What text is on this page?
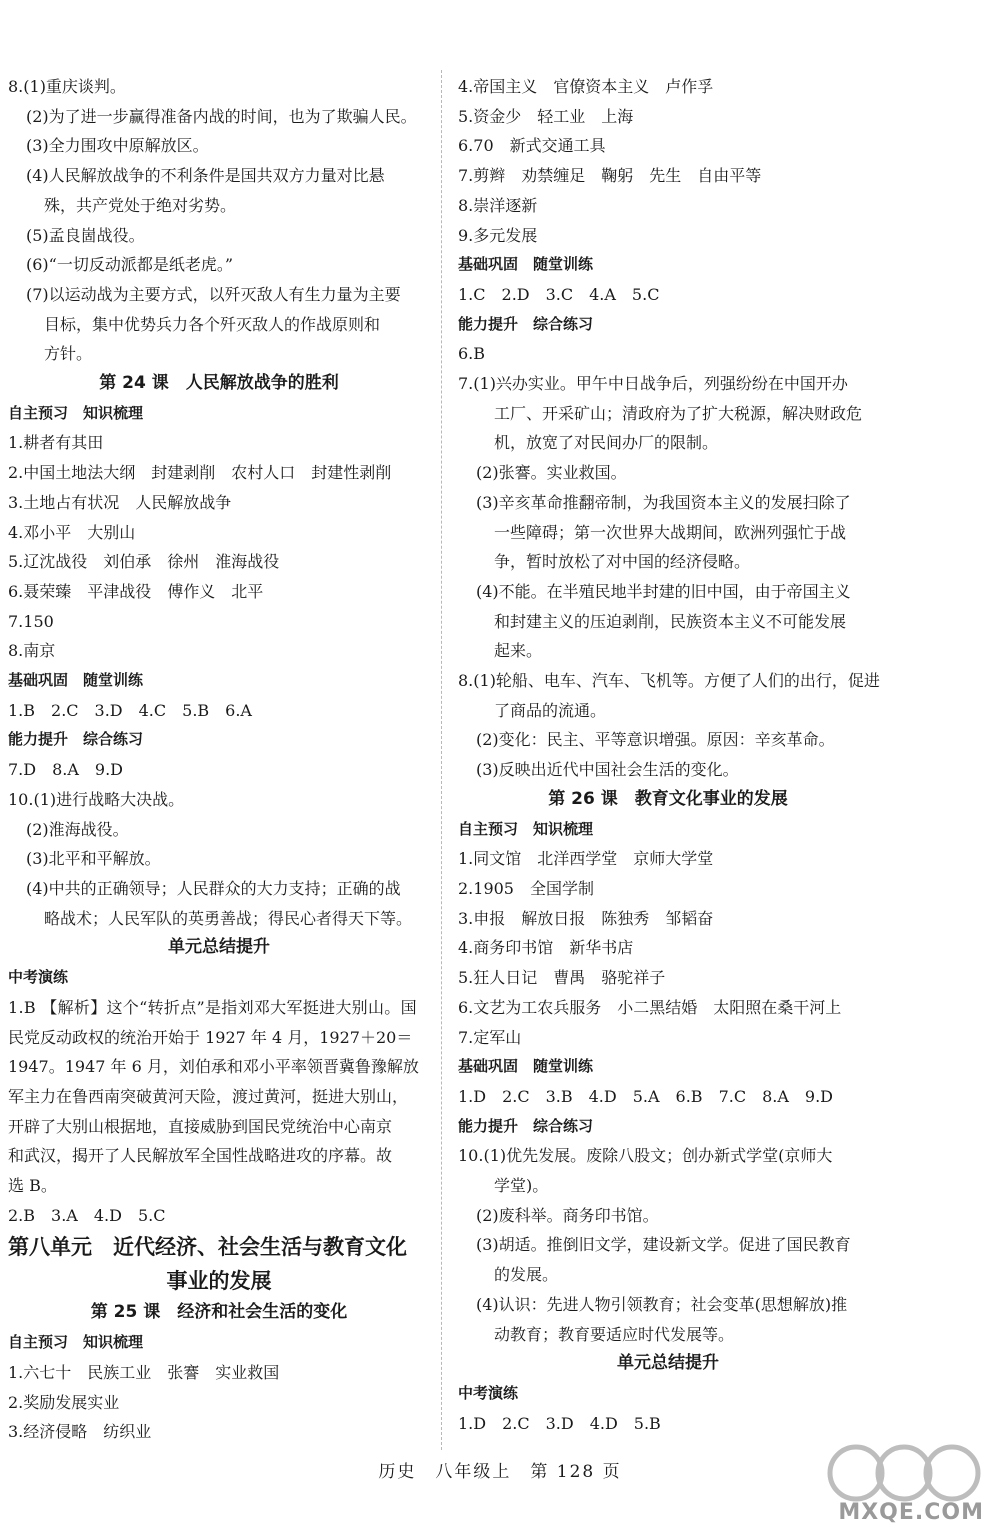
8.(1)重庆谈判。
(2)为了进一步赢得准备内战的时间，也为了欺骗人民。
(3)全力围攻中原解放区。
(4)人民解放战争的不利条件是国共双方力量对比悬
殊，共产党处于绝对劣势。
(5)孟良崮战役。
(6)“一切反动派都是纸老虎。”
(7)以运动战为主要方式，以歼灭敌人有生力量为主要
目标，集中优势兵力各个歼灭敌人的作战原则和
方针。
第 24 课　人民解放战争的胜利
自主预习　知识梳理
1.耕者有其田
2.中国土地法大纲　封建剥削　农村人口　封建性剥削
3.土地占有状况　人民解放战争
4.邓小平　大别山
5.辽沈战役　刘伯承　徐州　淮海战役
6.聂荣臻　平津战役　傅作义　北平
7.150
8.南京
基础巩固　随堂训练
1.B　2.C　3.D　4.C　5.B　6.A
能力提升　综合练习
7.D　8.A　9.D
10.(1)进行战略大决战。
(2)淮海战役。
(3)北平和平解放。
(4)中共的正确领导；人民群众的大力支持；正确的战
略战术；人民军队的英勇善战；得民心者得天下等。
单元总结提升
中考演练
1.B 【解析】这个“转折点”是指刘邓大军挺进大别山。国
民党反动政权的统治开始于 1927 年 4 月，1927＋20＝
1947。1947 年 6 月，刘伯承和邓小平率领晋冀鲁豫解放
军主力在鲁西南突破黄河天险，渡过黄河，挺进大别山，
开辟了大别山根据地，直接威胁到国民党统治中心南京
和武汉，揭开了人民解放军全国性战略进攻的序幕。故
选 B。
2.B　3.A　4.D　5.C
第八单元　近代经济、社会生活与教育文化
事业的发展
第 25 课　经济和社会生活的变化
自主预习　知识梳理
1.六七十　民族工业　张謇　实业救国
2.奖励发展实业
3.经济侵略　纺织业
4.帝国主义　官僚资本主义　卢作孚
5.资金少　轻工业　上海
6.70　新式交通工具
7.剪辫　劝禁缠足　鞠躬　先生　自由平等
8.崇洋逐新
9.多元发展
基础巩固　随堂训练
1.C　2.D　3.C　4.A　5.C
能力提升　综合练习
6.B
7.(1)兴办实业。甲午中日战争后，列强纷纷在中国开办
工厂、开采矿山；清政府为了扩大税源，解决财政危
机，放宽了对民间办厂的限制。
(2)张謇。实业救国。
(3)辛亥革命推翻帝制，为我国资本主义的发展扫除了
一些障碍；第一次世界大战期间，欧洲列强忙于战
争，暂时放松了对中国的经济侵略。
(4)不能。在半殖民地半封建的旧中国，由于帝国主义
和封建主义的压迫剥削，民族资本主义不可能发展
起来。
8.(1)轮船、电车、汽车、飞机等。方便了人们的出行，促进
了商品的流通。
(2)变化：民主、平等意识增强。原因：辛亥革命。
(3)反映出近代中国社会生活的变化。
第 26 课　教育文化事业的发展
自主预习　知识梳理
1.同文馆　北洋西学堂　京师大学堂
2.1905　全国学制
3.申报　解放日报　陈独秀　邹韬奋
4.商务印书馆　新华书店
5.狂人日记　曹禺　骆驼祥子
6.文艺为工农兵服务　小二黑结婚　太阳照在桑干河上
7.定军山
基础巩固　随堂训练
1.D　2.C　3.B　4.D　5.A　6.B　7.C　8.A　9.D
能力提升　综合练习
10.(1)优先发展。废除八股文；创办新式学堂(京师大
学堂)。
(2)废科举。商务印书馆。
(3)胡适。推倒旧文学，建设新文学。促进了国民教育
的发展。
(4)认识：先进人物引领教育；社会变革(思想解放)推
动教育；教育要适应时代发展等。
单元总结提升
中考演练
1.D　2.C　3.D　4.D　5.B
历史　八年级上　第 128 页
MXQE.COM
